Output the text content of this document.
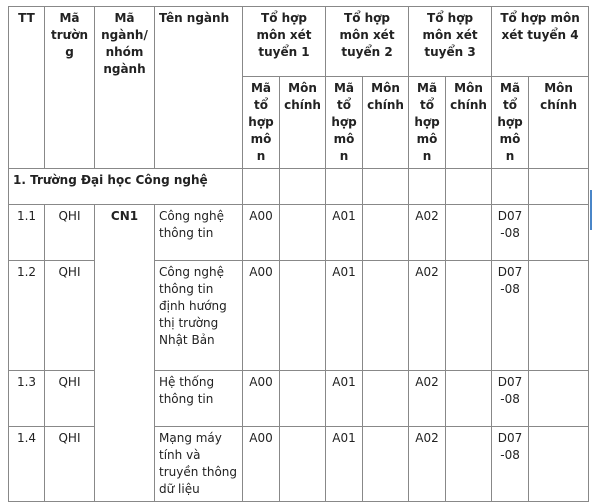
TT	Mã trường	Mã ngành/ nhóm ngành	Tên ngành	Tổ hợp môn xét tuyển 1		Tổ hợp môn xét tuyển 2		Tổ hợp môn xét tuyển 3		Tổ hợp môn xét tuyển 4	
				Mã tổ hợp môn	Môn chính	Mã tổ hợp môn	Môn chính	Mã tổ hợp môn	Môn chính	Mã tổ hợp môn	Môn chính
1. Trường Đại học Công nghệ											
1.1	QHI	CN1	Công nghệ thông tin	A00		A01		A02		D07-08	
1.2	QHI		Công nghệ thông tin định hướng thị trường Nhật Bản	A00		A01		A02		D07-08	
1.3	QHI		Hệ thống thông tin	A00		A01		A02		D07-08	
1.4	QHI		Mạng máy tính và truyền thông dữ liệu	A00		A01		A02		D07-08	
